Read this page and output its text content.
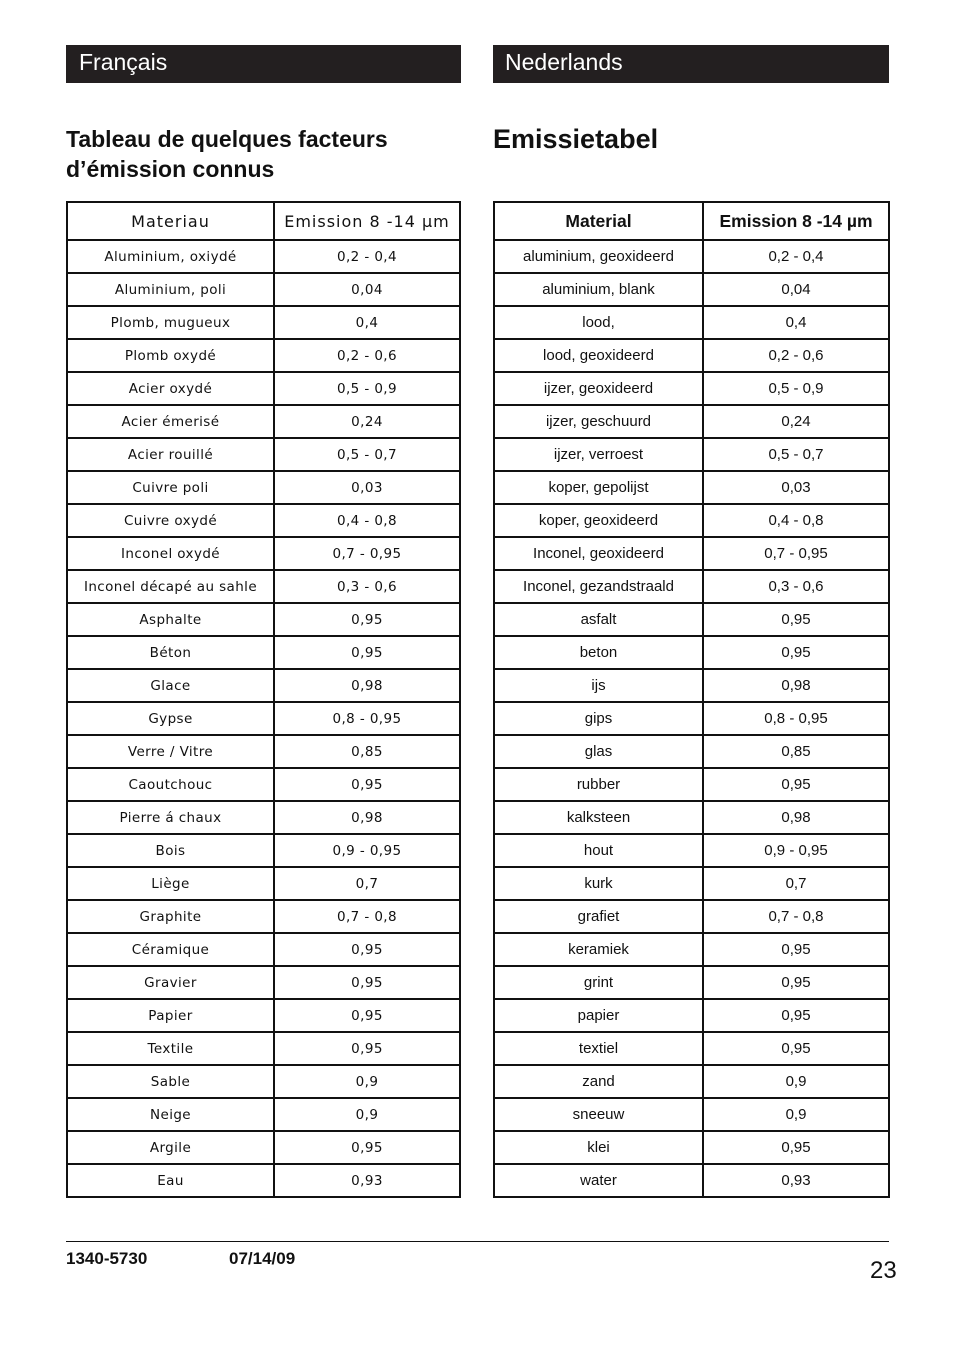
Français	Nederlands
Tableau de quelques facteurs d’émission connus
Emissietabel
Materiau	Emission 8 -14 µm
Aluminium, oxiydé	0,2 - 0,4
Aluminium, poli	0,04
Plomb, mugueux	0,4
Plomb oxydé	0,2 - 0,6
Acier oxydé	0,5 - 0,9
Acier émerisé	0,24
Acier rouillé	0,5 - 0,7
Cuivre poli	0,03
Cuivre oxydé	0,4 - 0,8
Inconel oxydé	0,7 - 0,95
Inconel décapé au sahle	0,3 - 0,6
Asphalte	0,95
Béton	0,95
Glace	0,98
Gypse	0,8 - 0,95
Verre / Vitre	0,85
Caoutchouc	0,95
Pierre á chaux	0,98
Bois	0,9 - 0,95
Liège	0,7
Graphite	0,7 - 0,8
Céramique	0,95
Gravier	0,95
Papier	0,95
Textile	0,95
Sable	0,9
Neige	0,9
Argile	0,95
Eau	0,93
Material	Emission 8 -14 µm
aluminium, geoxideerd	0,2 - 0,4
aluminium, blank	0,04
lood,	0,4
lood, geoxideerd	0,2 - 0,6
ijzer, geoxideerd	0,5 - 0,9
ijzer, geschuurd	0,24
ijzer, verroest	0,5 - 0,7
koper, gepolijst	0,03
koper, geoxideerd	0,4 - 0,8
Inconel, geoxideerd	0,7 - 0,95
Inconel, gezandstraald	0,3 - 0,6
asfalt	0,95
beton	0,95
ijs	0,98
gips	0,8 - 0,95
glas	0,85
rubber	0,95
kalksteen	0,98
hout	0,9 - 0,95
kurk	0,7
grafiet	0,7 - 0,8
keramiek	0,95
grint	0,95
papier	0,95
textiel	0,95
zand	0,9
sneeuw	0,9
klei	0,95
water	0,93
1340-5730	07/14/09	23
